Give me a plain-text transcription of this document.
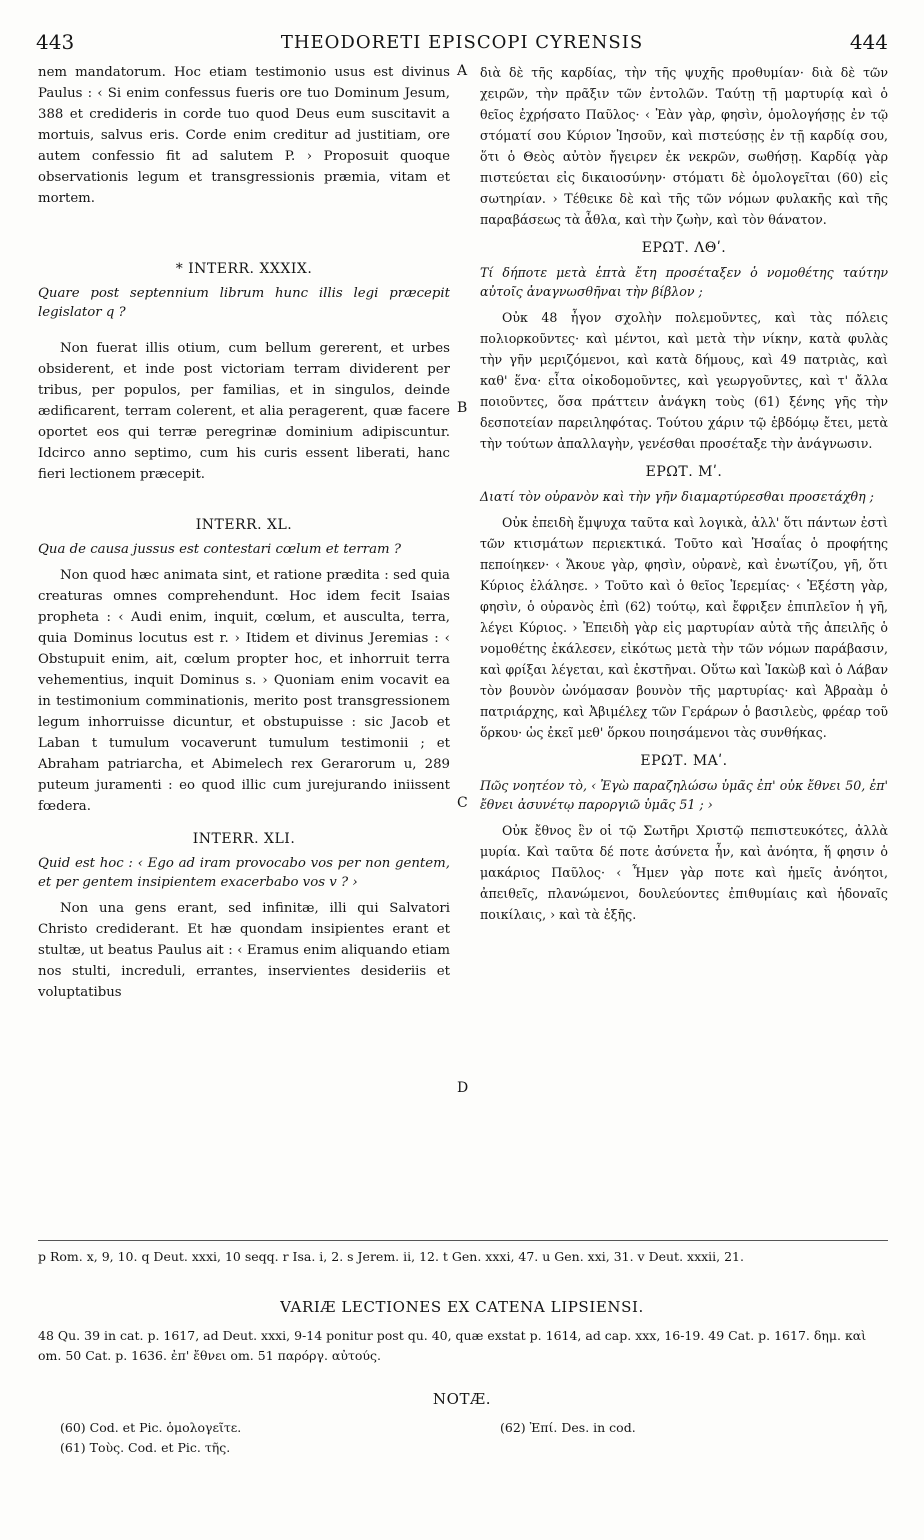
443	THEODORETI EPISCOPI CYRENSIS	444
A
B
C
D

nem mandatorum. Hoc etiam testimonio usus est divinus Paulus : ‹ Si enim confessus fueris ore tuo Dominum Jesum, 388 et credideris in corde tuo quod Deus eum suscitavit a mortuis, salvus eris. Corde enim creditur ad justitiam, ore autem confessio fit ad salutem P. › Proposuit quoque observationis legum et transgressionis præmia, vitam et mortem.

* INTERR. XXXIX.
Quare post septennium librum hunc illis legi præcepit legislator q ?

Non fuerat illis otium, cum bellum gererent, et urbes obsiderent, et inde post victoriam terram dividerent per tribus, per populos, per familias, et in singulos, deinde ædificarent, terram colerent, et alia peragerent, quæ facere oportet eos qui terræ peregrinæ dominium adipiscuntur. Idcirco anno septimo, cum his curis essent liberati, hanc fieri lectionem præcepit.

INTERR. XL.
Qua de causa jussus est contestari cœlum et terram ?

Non quod hæc animata sint, et ratione prædita : sed quia creaturas omnes comprehendunt. Hoc idem fecit Isaias propheta : ‹ Audi enim, inquit, cœlum, et ausculta, terra, quia Dominus locutus est r. › Itidem et divinus Jeremias : ‹ Obstupuit enim, ait, cœlum propter hoc, et inhorruit terra vehementius, inquit Dominus s. › Quoniam enim vocavit ea in testimonium comminationis, merito post transgressionem legum inhorruisse dicuntur, et obstupuisse : sic Jacob et Laban t tumulum vocaverunt tumulum testimonii ; et Abraham patriarcha, et Abimelech rex Gerarorum u, 289 puteum juramenti : eo quod illic cum jurejurando iniissent fœdera.

INTERR. XLI.
Quid est hoc : ‹ Ego ad iram provocabo vos per non gentem, et per gentem insipientem exacerbabo vos v ? ›

Non una gens erant, sed infinitæ, illi qui Salvatori Christo crediderant. Et hæ quondam insipientes erant et stultæ, ut beatus Paulus ait : ‹ Eramus enim aliquando etiam nos stulti, increduli, errantes, inservientes desideriis et voluptatibus

διὰ δὲ τῆς καρδίας, τὴν τῆς ψυχῆς προθυμίαν· διὰ δὲ τῶν χειρῶν, τὴν πρᾶξιν τῶν ἐντολῶν. Ταύτῃ τῇ μαρτυρίᾳ καὶ ὁ θεῖος ἐχρήσατο Παῦλος· ‹ Ἐὰν γὰρ, φησὶν, ὁμολογήσῃς ἐν τῷ στόματί σου Κύριον Ἰησοῦν, καὶ πιστεύσῃς ἐν τῇ καρδίᾳ σου, ὅτι ὁ Θεὸς αὐτὸν ἤγειρεν ἐκ νεκρῶν, σωθήσῃ. Καρδίᾳ γὰρ πιστεύεται εἰς δικαιοσύνην· στόματι δὲ ὁμολογεῖται (60) εἰς σωτηρίαν. › Τέθεικε δὲ καὶ τῆς τῶν νόμων φυλακῆς καὶ τῆς παραβάσεως τὰ ἆθλα, καὶ τὴν ζωὴν, καὶ τὸν θάνατον.

ΕΡΩΤ. ΛΘʹ.
Τί δήποτε μετὰ ἑπτὰ ἔτη προσέταξεν ὁ νομοθέτης ταύτην αὐτοῖς ἀναγνωσθῆναι τὴν βίβλον ;

Οὐκ 48 ἦγον σχολὴν πολεμοῦντες, καὶ τὰς πόλεις πολιορκοῦντες· καὶ μέντοι, καὶ μετὰ τὴν νίκην, κατὰ φυλὰς τὴν γῆν μεριζόμενοι, καὶ κατὰ δήμους, καὶ 49 πατριὰς, καὶ καθ' ἕνα· εἶτα οἰκοδομοῦντες, καὶ γεωργοῦντες, καὶ τ' ἄλλα ποιοῦντες, ὅσα πράττειν ἀνάγκη τοὺς (61) ξένης γῆς τὴν δεσποτείαν παρειληφότας. Τούτου χάριν τῷ ἑβδόμῳ ἔτει, μετὰ τὴν τούτων ἀπαλλαγὴν, γενέσθαι προσέταξε τὴν ἀνάγνωσιν.

ΕΡΩΤ. Μʹ.
Διατί τὸν οὐρανὸν καὶ τὴν γῆν διαμαρτύρεσθαι προσετάχθη ;

Οὐκ ἐπειδὴ ἔμψυχα ταῦτα καὶ λογικὰ, ἀλλ' ὅτι πάντων ἐστὶ τῶν κτισμάτων περιεκτικά. Τοῦτο καὶ Ἡσαΐας ὁ προφήτης πεποίηκεν· ‹ Ἄκουε γὰρ, φησὶν, οὐρανὲ, καὶ ἐνωτίζου, γῆ, ὅτι Κύριος ἐλάλησε. › Τοῦτο καὶ ὁ θεῖος Ἱερεμίας· ‹ Ἐξέστη γὰρ, φησὶν, ὁ οὐρανὸς ἐπὶ (62) τούτῳ, καὶ ἔφριξεν ἐπιπλεῖον ἡ γῆ, λέγει Κύριος. › Ἐπειδὴ γὰρ εἰς μαρτυρίαν αὐτὰ τῆς ἀπειλῆς ὁ νομοθέτης ἐκάλεσεν, εἰκότως μετὰ τὴν τῶν νόμων παράβασιν, καὶ φρίξαι λέγεται, καὶ ἐκστῆναι. Οὕτω καὶ Ἰακὼβ καὶ ὁ Λάβαν τὸν βουνὸν ὠνόμασαν βουνὸν τῆς μαρτυρίας· καὶ Ἀβραὰμ ὁ πατριάρχης, καὶ Ἀβιμέλεχ τῶν Γεράρων ὁ βασιλεὺς, φρέαρ τοῦ ὅρκου· ὡς ἐκεῖ μεθ' ὅρκου ποιησάμενοι τὰς συνθήκας.

ΕΡΩΤ. ΜΑʹ.
Πῶς νοητέον τὸ, ‹ Ἐγὼ παραζηλώσω ὑμᾶς ἐπ' οὐκ ἔθνει 50, ἐπ' ἔθνει ἀσυνέτῳ παροργιῶ ὑμᾶς 51 ; ›

Οὐκ ἔθνος ἓν οἱ τῷ Σωτῆρι Χριστῷ πεπιστευκότες, ἀλλὰ μυρία. Καὶ ταῦτα δέ ποτε ἀσύνετα ἦν, καὶ ἀνόητα, ἥ φησιν ὁ μακάριος Παῦλος· ‹ Ἦμεν γὰρ ποτε καὶ ἡμεῖς ἀνόητοι, ἀπειθεῖς, πλανώμενοι, δουλεύοντες ἐπιθυμίαις καὶ ἡδοναῖς ποικίλαις, › καὶ τὰ ἑξῆς.

p Rom. x, 9, 10. q Deut. xxxi, 10 seqq. r Isa. i, 2. s Jerem. ii, 12. t Gen. xxxi, 47. u Gen. xxi, 31. v Deut. xxxii, 21.
VARIÆ LECTIONES EX CATENA LIPSIENSI.
48 Qu. 39 in cat. p. 1617, ad Deut. xxxi, 9-14 ponitur post qu. 40, quæ exstat p. 1614, ad cap. xxx, 16-19. 49 Cat. p. 1617. δημ. καὶ om. 50 Cat. p. 1636. ἐπ' ἔθνει om. 51 παρόργ. αὐτούς.
NOTÆ.
(60) Cod. et Pic. ὁμολογεῖτε.
(61) Τοὺς. Cod. et Pic. τῆς.
(62) Ἐπί. Des. in cod.
